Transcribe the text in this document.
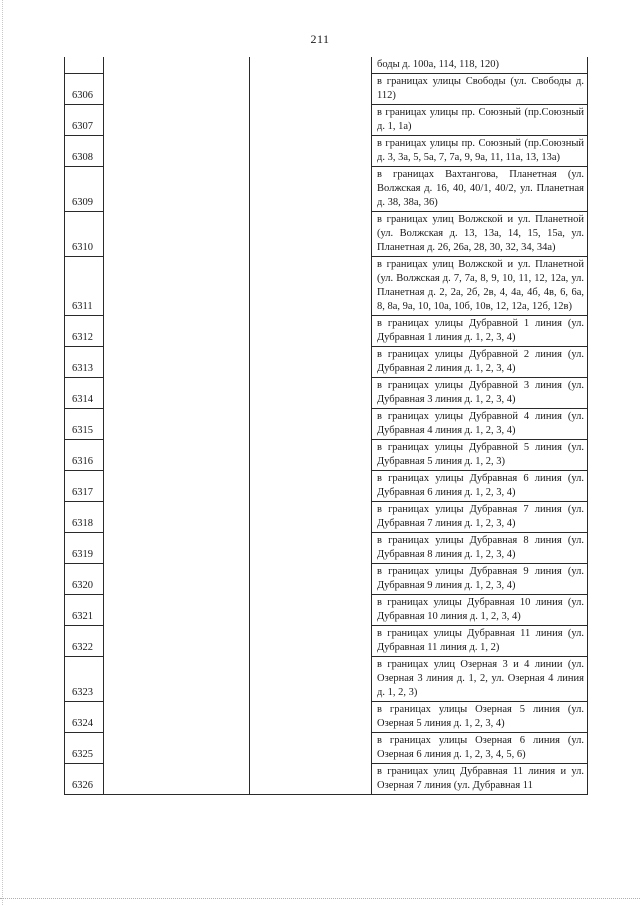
211
			боды д. 100а, 114, 118, 120)
6306			в границах улицы Свободы (ул. Свободы д. 112)
6307			в границах улицы пр. Союзный (пр.Союзный д. 1, 1а)
6308			в границах улицы пр. Союзный (пр.Союзный д. 3, 3а, 5, 5а, 7, 7а, 9, 9а, 11, 11а, 13, 13а)
6309			в границах Вахтангова, Планетная (ул. Волжская д. 16, 40, 40/1, 40/2, ул. Планетная д. 38, 38а, 36)
6310			в границах улиц Волжской и ул. Планетной (ул. Волжская д. 13, 13а, 14, 15, 15а, ул. Планетная д. 26, 26а, 28, 30, 32, 34, 34а)
6311			в границах улиц Волжской и ул. Планетной (ул. Волжская д. 7, 7а, 8, 9, 10, 11, 12, 12а, ул. Планетная д. 2, 2а, 2б, 2в, 4, 4а, 4б, 4в, 6, 6а, 8, 8а, 9а, 10, 10а, 10б, 10в, 12, 12а, 12б, 12в)
6312			в границах улицы Дубравной 1 линия (ул. Дубравная 1 линия д. 1, 2, 3, 4)
6313			в границах улицы Дубравной 2 линия (ул. Дубравная 2 линия д. 1, 2, 3, 4)
6314			в границах улицы Дубравной 3 линия (ул. Дубравная 3 линия д. 1, 2, 3, 4)
6315			в границах улицы Дубравной 4 линия (ул. Дубравная 4 линия д. 1, 2, 3, 4)
6316			в границах улицы Дубравной 5 линия (ул. Дубравная 5 линия д. 1, 2, 3)
6317			в границах улицы Дубравная 6 линия (ул. Дубравная 6 линия д. 1, 2, 3, 4)
6318			в границах улицы Дубравная 7 линия (ул. Дубравная 7 линия д. 1, 2, 3, 4)
6319			в границах улицы Дубравная 8 линия (ул. Дубравная 8 линия д. 1, 2, 3, 4)
6320			в границах улицы Дубравная 9 линия (ул. Дубравная 9 линия д. 1, 2, 3, 4)
6321			в границах улицы Дубравная 10 линия (ул. Дубравная 10 линия д. 1, 2, 3, 4)
6322			в границах улицы Дубравная 11 линия (ул. Дубравная 11 линия д. 1, 2)
6323			в границах улиц Озерная 3 и 4 линии (ул. Озерная 3 линия д. 1, 2, ул. Озерная 4 линия д. 1, 2, 3)
6324			в границах улицы Озерная 5 линия (ул. Озерная 5 линия д. 1, 2, 3, 4)
6325			в границах улицы Озерная 6 линия (ул. Озерная 6 линия д. 1, 2, 3, 4, 5, 6)
6326			в границах улиц Дубравная 11 линия и ул. Озерная 7 линия (ул. Дубравная 11
